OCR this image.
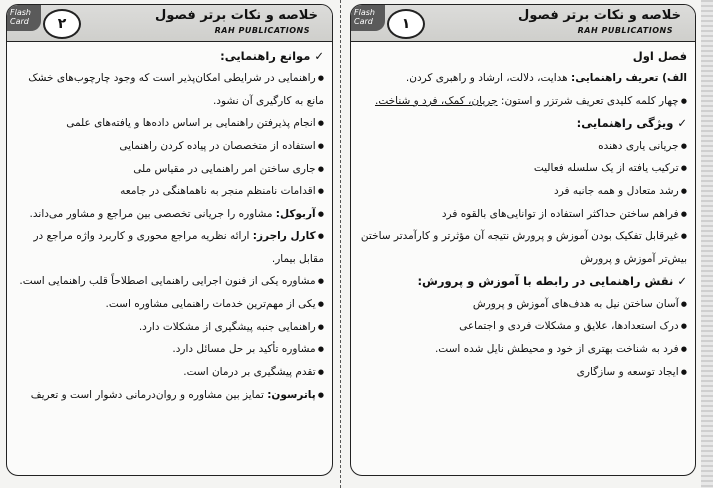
Flash Card	۲
خلاصه و نکات برتر فصول
RAH PUBLICATIONS

✓ موانع راهنمایی:

● راهنمایی در شرایطی امکان‌پذیر است که وجود چارچوب‌های خشک مانع به کارگیری آن نشود.

● انجام پذیرفتن راهنمایی بر اساس داده‌ها و یافته‌های علمی

● استفاده از متخصصان در پیاده کردن راهنمایی

● جاری ساختن امر راهنمایی در مقیاس ملی

● اقدامات نامنظم منجر به ناهماهنگی در جامعه

● آربوکل: مشاوره را جریانی تخصصی بین مراجع و مشاور می‌داند.

● کارل راجرز: ارائه نظریه مراجع محوری و کاربرد واژه مراجع در مقابل بیمار.

● مشاوره یکی از فنون اجرایی راهنمایی اصطلاحاً قلب راهنمایی است.

● یکی از مهم‌ترین خدمات راهنمایی مشاوره است.

● راهنمایی جنبه پیشگیری از مشکلات دارد.

● مشاوره تأکید بر حل مسائل دارد.

● تقدم پیشگیری بر درمان است.

● پاترسون: تمایز بین مشاوره و روان‌درمانی دشوار است و تعریف

Flash Card	۱
خلاصه و نکات برتر فصول
RAH PUBLICATIONS

فصل اول

الف) تعریف راهنمایی: هدایت، دلالت، ارشاد و راهبری کردن.

● چهار کلمه کلیدی تعریف شرتزر و استون: جریان، کمک، فرد و شناخت.

✓ ویژگی راهنمایی:

● جریانی یاری دهنده

● ترکیب یافته از یک سلسله فعالیت

● رشد متعادل و همه جانبه فرد

● فراهم ساختن حداکثر استفاده از توانایی‌های بالقوه فرد

● غیرقابل تفکیک بودن آموزش و پرورش نتیجه آن مؤثرتر و کارآمدتر ساختن بیش‌تر آموزش و پرورش

✓ نقش راهنمایی در رابطه با آموزش و پرورش:

● آسان ساختن نیل به هدف‌های آموزش و پرورش

● درک استعدادها، علایق و مشکلات فردی و اجتماعی

● فرد به شناخت بهتری از خود و محیطش نایل شده است.

● ایجاد توسعه و سازگاری
